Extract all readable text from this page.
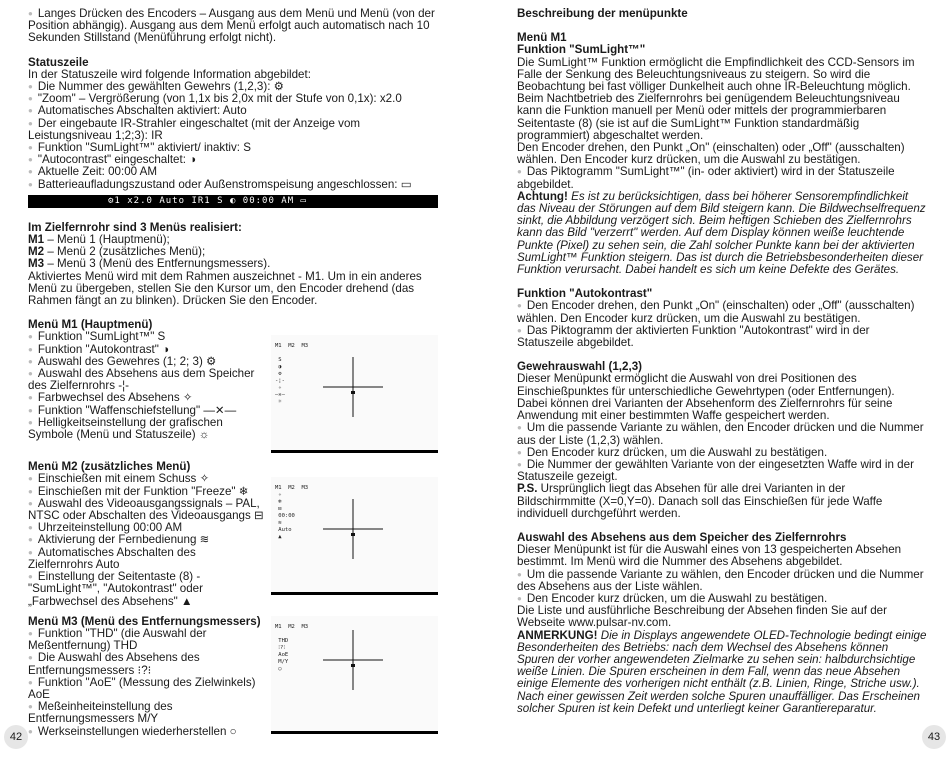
● Langes Drücken des Encoders – Ausgang aus dem Menü und Menü (von der Position abhängig). Ausgang aus dem Menü erfolgt auch automatisch nach 10 Sekunden Stillstand (Menüführung erfolgt nicht).

Statuszeile

In der Statuszeile wird folgende Information abgebildet:

● Die Nummer des gewählten Gewehrs (1,2,3): ⚙

● "Zoom" – Vergrößerung (von 1,1x bis 2,0x mit der Stufe von 0,1x): x2.0

● Automatisches Abschalten aktiviert: Auto

● Der eingebaute IR-Strahler eingeschaltet (mit der Anzeige vom Leistungsniveau 1;2;3): IR

● Funktion "SumLight™" aktiviert/ inaktiv: S

● "Autocontrast" eingeschaltet: ◑

● Aktuelle Zeit: 00:00 AM

● Batterieaufladungszustand oder Außenstromspeisung angeschlossen: ▭

⚙1 x2.0 Auto IR1 S ◐ 00:00 AM ▭

Im Zielfernrohr sind 3 Menüs realisiert:

M1 – Menü 1 (Hauptmenü);

M2 – Menü 2 (zusätzliches Menü);

M3 – Menü 3 (Menü des Entfernungsmessers).

Aktiviertes Menü wird mit dem Rahmen auszeichnet - M1. Um in ein anderes Menü zu übergeben, stellen Sie den Kursor um, den Encoder drehend (das Rahmen fängt an zu blinken). Drücken Sie den Encoder.

Menü M1 (Hauptmenü)

● Funktion "SumLight™" S

● Funktion "Autokontrast" ◑

● Auswahl des Gewehres (1; 2; 3) ⚙

● Auswahl des Absehens aus dem Speicher des Zielfernrohrs -¦-

● Farbwechsel des Absehens ✧

● Funktion "Waffenschiefstellung" —✕—

● Helligkeitseinstellung der grafischen Symbole (Menü und Statuszeile) ☼

M1  M2  M3

S
◑
⚙
-¦-
✧
—✕—
☼

Menü M2 (zusätzliches Menü)

● Einschießen mit einem Schuss ✧

● Einschießen mit der Funktion "Freeze" ❄

● Auswahl des Videoausgangssignals – PAL, NTSC oder Abschalten des Videoausgangs ⊟

● Uhrzeiteinstellung 00:00 AM

● Aktivierung der Fernbedienung ≋

● Automatisches Abschalten des Zielfernrohrs Auto

● Einstellung der Seitentaste (8) - "SumLight™", "Autokontrast" oder „Farbwechsel des Absehens" ▲

M1  M2  M3
✧
❄
⊟
00:00
≋
Auto
▲

Menü M3 (Menü des Entfernungsmessers)

● Funktion "THD" (die Auswahl der Meßentfernung) THD

● Die Auswahl des Absehens des Entfernungsmessers ⁝?⁝

● Funktion "AoE" (Messung des Zielwinkels) AoE

● Meßeinheiteinstellung des Entfernungsmessers M/Y

● Werkseinstellungen wiederherstellen ○

M1  M2  M3

THD
⁝?⁝
AoE
M/Y
○
42

Beschreibung der menüpunkte

Menü M1

Funktion "SumLight™"

Die SumLight™ Funktion ermöglicht die Empfindlichkeit des CCD-Sensors im Falle der Senkung des Beleuchtungsniveaus zu steigern. So wird die Beobachtung bei fast völliger Dunkelheit auch ohne IR-Beleuchtung möglich. Beim Nachtbetrieb des Zielfernrohrs bei genügendem Beleuchtungsniveau kann die Funktion manuell per Menü oder mittels der programmierbaren Seitentaste (8) (sie ist auf die SumLight™ Funktion standardmäßig programmiert) abgeschaltet werden.

Den Encoder drehen, den Punkt „On" (einschalten) oder „Off" (ausschalten) wählen. Den Encoder kurz drücken, um die Auswahl zu bestätigen.

● Das Piktogramm "SumLight™" (in- oder aktiviert) wird in der Statuszeile abgebildet.

Achtung! Es ist zu berücksichtigen, dass bei höherer Sensorempfindlichkeit das Niveau der Störungen auf dem Bild steigern kann. Die Bildwechselfrequenz sinkt, die Abbildung verzögert sich. Beim heftigen Schieben des Zielfernrohrs kann das Bild "verzerrt" werden. Auf dem Display können weiße leuchtende Punkte (Pixel) zu sehen sein, die Zahl solcher Punkte kann bei der aktivierten SumLight™ Funktion steigern. Das ist durch die Betriebsbesonderheiten dieser Funktion verursacht. Dabei handelt es sich um keine Defekte des Gerätes.

Funktion "Autokontrast"

● Den Encoder drehen, den Punkt „On" (einschalten) oder „Off" (ausschalten) wählen. Den Encoder kurz drücken, um die Auswahl zu bestätigen.

● Das Piktogramm der aktivierten Funktion "Autokontrast" wird in der Statuszeile abgebildet.

Gewehrauswahl (1,2,3)

Dieser Menüpunkt ermöglicht die Auswahl von drei Positionen des Einschießpunktes für unterschiedliche Gewehrtypen (oder Entfernungen). Dabei können drei Varianten der Absehenform des Zielfernrohrs für seine Anwendung mit einer bestimmten Waffe gespeichert werden.

● Um die passende Variante zu wählen, den Encoder drücken und die Nummer aus der Liste (1,2,3) wählen.

● Den Encoder kurz drücken, um die Auswahl zu bestätigen.

● Die Nummer der gewählten Variante von der eingesetzten Waffe wird in der Statuszeile gezeigt.

P.S. Ursprünglich liegt das Absehen für alle drei Varianten in der Bildschirmmitte (X=0,Y=0). Danach soll das Einschießen für jede Waffe individuell durchgeführt werden.

Auswahl des Absehens aus dem Speicher des Zielfernrohrs

Dieser Menüpunkt ist für die Auswahl eines von 13 gespeicherten Absehen bestimmt. Im Menü wird die Nummer des Absehens abgebildet.

● Um die passende Variante zu wählen, den Encoder drücken und die Nummer des Absehens aus der Liste wählen.

● Den Encoder kurz drücken, um die Auswahl zu bestätigen.

Die Liste und ausführliche Beschreibung der Absehen finden Sie auf der Webseite www.pulsar-nv.com.

ANMERKUNG! Die in Displays angewendete OLED-Technologie bedingt einige Besonderheiten des Betriebs: nach dem Wechsel des Absehens können Spuren der vorher angewendeten Zielmarke zu sehen sein: halbdurchsichtige weiße Linien. Die Spuren erscheinen in dem Fall, wenn das neue Absehen einige Elemente des vorherigen nicht enthält (z.B. Linien, Ringe, Striche usw.). Nach einer gewissen Zeit werden solche Spuren unauffälliger. Das Erscheinen solcher Spuren ist kein Defekt und unterliegt keiner Garantiereparatur.

43
